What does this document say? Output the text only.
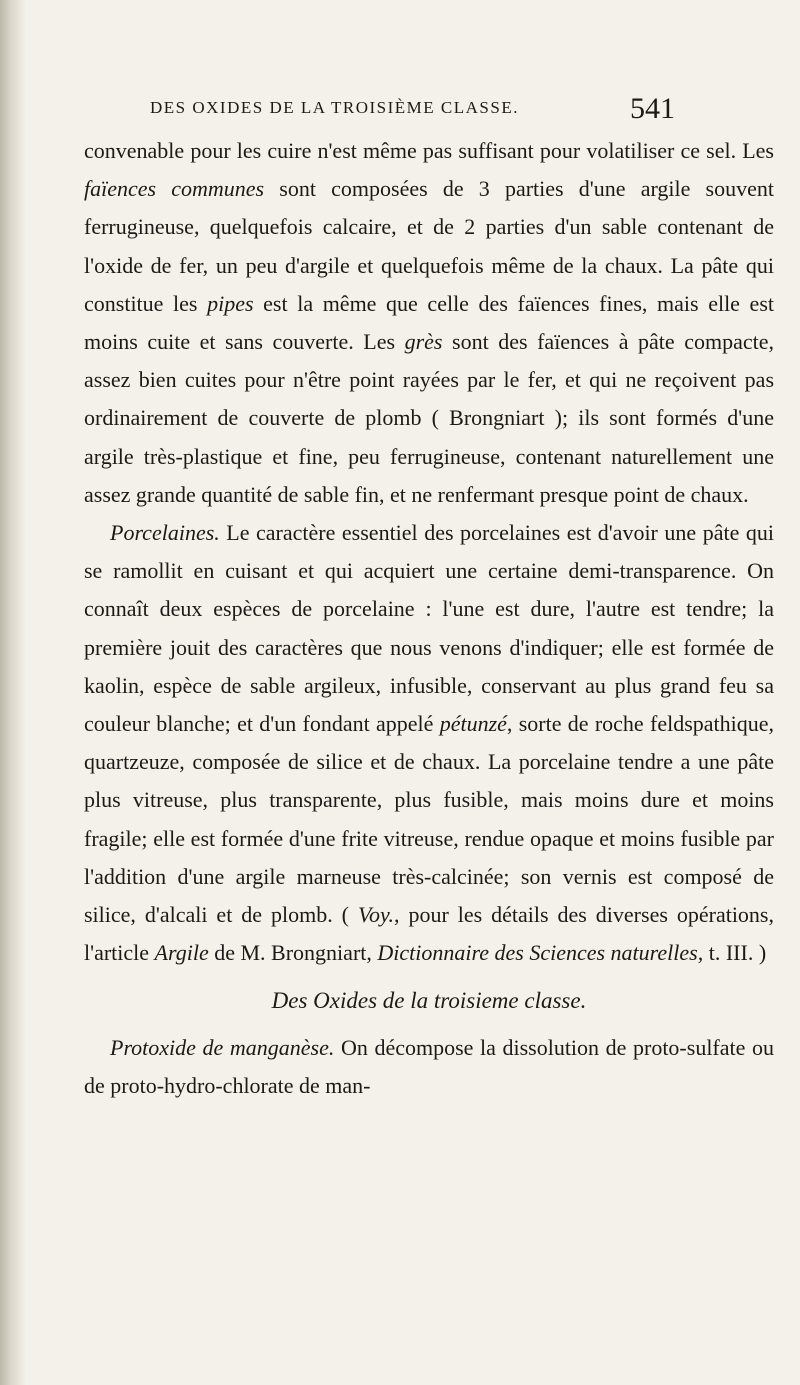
DES OXIDES DE LA TROISIÈME CLASSE.	541

convenable pour les cuire n'est même pas suffisant pour volatiliser ce sel. Les faïences communes sont composées de 3 parties d'une argile souvent ferrugineuse, quelquefois calcaire, et de 2 parties d'un sable contenant de l'oxide de fer, un peu d'argile et quelquefois même de la chaux. La pâte qui constitue les pipes est la même que celle des faïences fines, mais elle est moins cuite et sans couverte. Les grès sont des faïences à pâte compacte, assez bien cuites pour n'être point rayées par le fer, et qui ne reçoivent pas ordinairement de couverte de plomb ( Brongniart ); ils sont formés d'une argile très-plastique et fine, peu ferrugineuse, contenant naturellement une assez grande quantité de sable fin, et ne renfermant presque point de chaux.

Porcelaines. Le caractère essentiel des porcelaines est d'avoir une pâte qui se ramollit en cuisant et qui acquiert une certaine demi-transparence. On connaît deux espèces de porcelaine : l'une est dure, l'autre est tendre; la première jouit des caractères que nous venons d'indiquer; elle est formée de kaolin, espèce de sable argileux, infusible, conservant au plus grand feu sa couleur blanche; et d'un fondant appelé pétunzé, sorte de roche feldspathique, quartzeuze, composée de silice et de chaux. La porcelaine tendre a une pâte plus vitreuse, plus transparente, plus fusible, mais moins dure et moins fragile; elle est formée d'une frite vitreuse, rendue opaque et moins fusible par l'addition d'une argile marneuse très-calcinée; son vernis est composé de silice, d'alcali et de plomb. ( Voy., pour les détails des diverses opérations, l'article Argile de M. Brongniart, Dictionnaire des Sciences naturelles, t. III. )

Des Oxides de la troisieme classe.

Protoxide de manganèse. On décompose la dissolution de proto-sulfate ou de proto-hydro-chlorate de man-
